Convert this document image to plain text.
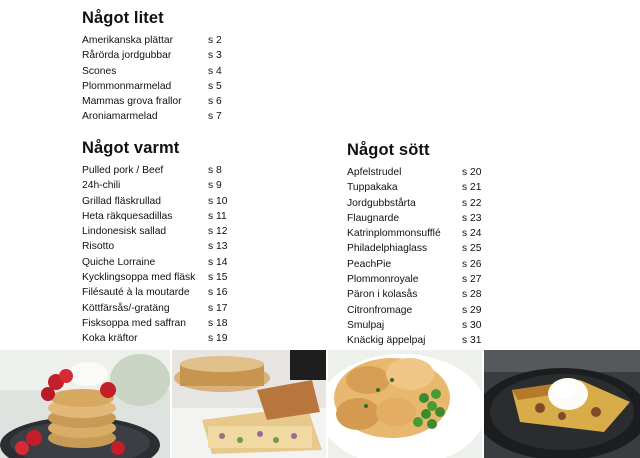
Något litet
Amerikanska plättar	s 2
Rårörda jordgubbar	s 3
Scones	s 4
Plommonmarmelad	s 5
Mammas grova frallor	s 6
Aroniamarmelad	s 7
Något varmt
Pulled pork / Beef	s 8
24h-chili	s 9
Grillad fläskrullad	s 10
Heta räkquesadillas	s 11
Lindonesisk sallad	s 12
Risotto	s 13
Quiche Lorraine	s 14
Kycklingsoppa med fläsk	s 15
Filésauté à la moutarde	s 16
Köttfärsås/-gratäng	s 17
Fisksoppa med saffran	s 18
Koka kräftor	s 19
Något sött
Apfelstrudel	s 20
Tuppakaka	s 21
Jordgubbstårta	s 22
Flaugnarde	s 23
Katrinplommonsufflé	s 24
Philadelphiaglass	s 25
PeachPie	s 26
Plommonroyale	s 27
Päron i kolasås	s 28
Citronfromage	s 29
Smulpaj	s 30
Knäckig äppelpaj	s 31
